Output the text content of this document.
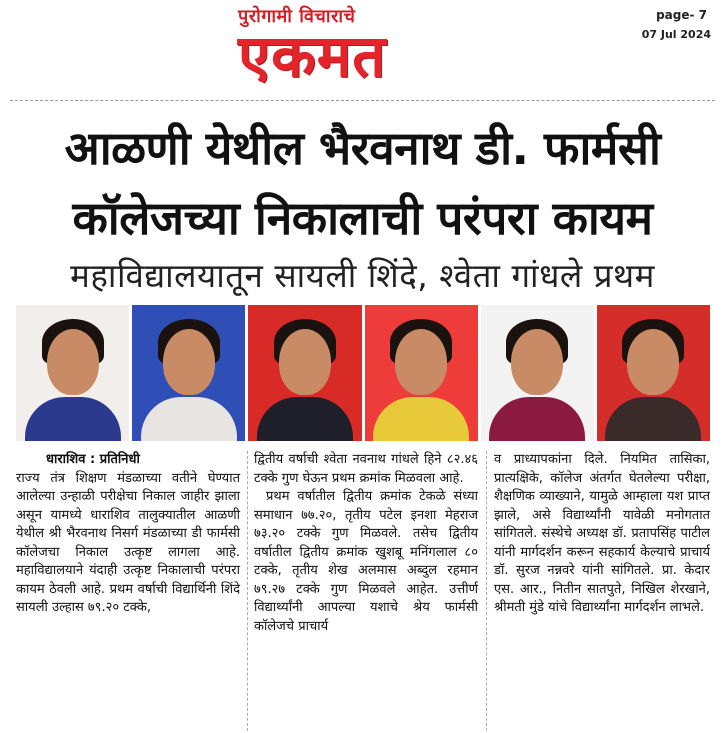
पुरोगामी विचाराचे
एकमत
page- 7
07 Jul 2024
आळणी येथील भैरवनाथ डी. फार्मसी
कॉलेजच्या निकालाची परंपरा कायम
महाविद्यालयातून सायली शिंदे, श्वेता गांधले प्रथम
धाराशिव : प्रतिनिधी
राज्य तंत्र शिक्षण मंडळाच्या वतीने घेण्यात आलेल्या उन्हाळी परीक्षेचा निकाल जाहीर झाला असून यामध्ये धाराशिव तालुक्यातील आळणी येथील श्री भैरवनाथ निसर्ग मंडळाच्या डी फार्मसी कॉलेजचा निकाल उत्कृष्ट लागला आहे. महाविद्यालयाने यंदाही उत्कृष्ट निकालाची परंपरा कायम ठेवली आहे. प्रथम वर्षाची विद्यार्थिनी शिंदे सायली उल्हास ७९.२० टक्के,
द्वितीय वर्षाची श्वेता नवनाथ गांधले हिने ८२.४६ टक्के गुण घेऊन प्रथम क्रमांक मिळवला आहे.
प्रथम वर्षातील द्वितीय क्रमांक टेकळे संध्या समाधान ७७.२०, तृतीय पटेल इनशा मेहराज ७३.२० टक्के गुण मिळवले. तसेच द्वितीय वर्षातील द्वितीय क्रमांक खुशबू मनिंगलाल ८० टक्के, तृतीय शेख अलमास अब्दुल रहमान ७९.२७ टक्के गुण मिळवले आहेत. उत्तीर्ण विद्यार्थ्यांनी आपल्या यशाचे श्रेय फार्मसी कॉलेजचे प्राचार्य
व प्राध्यापकांना दिले. नियमित तासिका, प्रात्यक्षिके, कॉलेज अंतर्गत घेतलेल्या परीक्षा, शैक्षणिक व्याख्याने, यामुळे आम्हाला यश प्राप्त झाले, असे विद्यार्थ्यांनी यावेळी मनोगतात सांगितले. संस्थेचे अध्यक्ष डॉ. प्रतापसिंह पाटील यांनी मार्गदर्शन करून सहकार्य केल्याचे प्राचार्य डॉ. सुरज नन्नवरे यांनी सांगितले. प्रा. केदार एस. आर., नितीन सातपुते, निखिल शेरखाने, श्रीमती मुंडे यांचे विद्यार्थ्यांना मार्गदर्शन लाभले.
